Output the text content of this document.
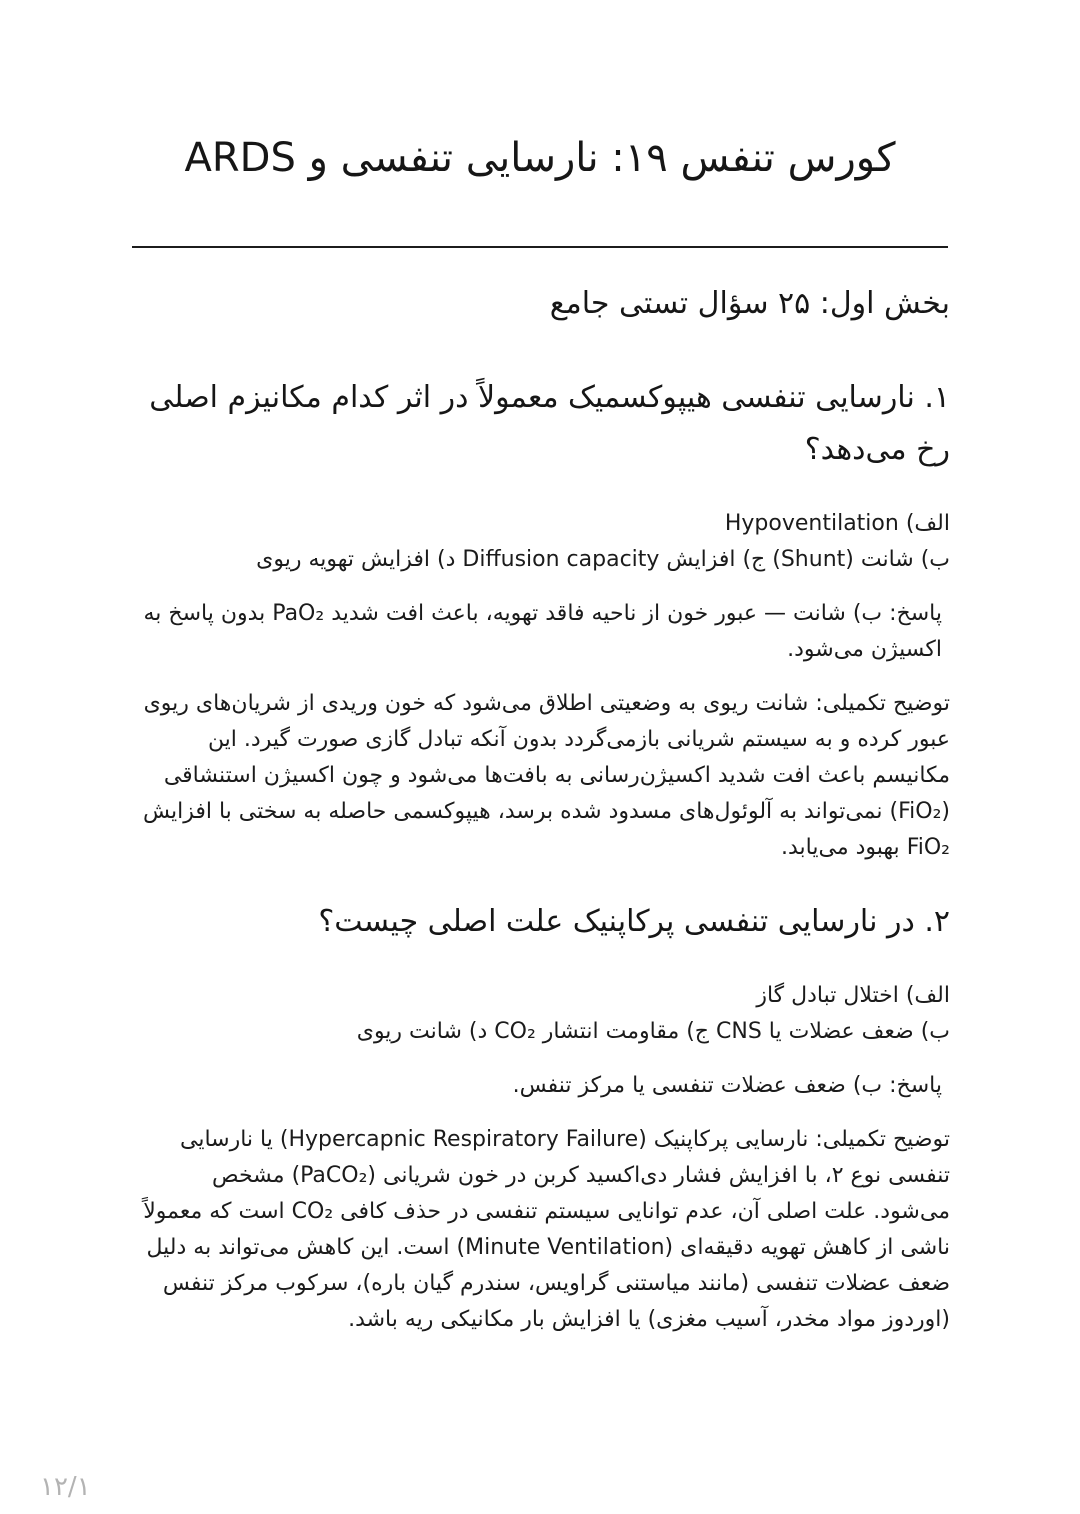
کورس تنفس ۱۹: نارسایی تنفسی و ARDS
بخش اول: ۲۵ سؤال تستی جامع
۱. نارسایی تنفسی هیپوکسمیک معمولاً در اثر کدام مکانیزم اصلی رخ می‌دهد؟

الف) Hypoventilation
ب) شانت (Shunt) ج) افزایش Diffusion capacity د) افزایش تهویه ریوی

پاسخ: ب) شانت — عبور خون از ناحیه فاقد تهویه، باعث افت شدید PaO₂ بدون پاسخ به اکسیژن می‌شود.

توضیح تکمیلی: شانت ریوی به وضعیتی اطلاق می‌شود که خون وریدی از شریان‌های ریوی عبور کرده و به سیستم شریانی بازمی‌گردد بدون آنکه تبادل گازی صورت گیرد. این مکانیسم باعث افت شدید اکسیژن‌رسانی به بافت‌ها می‌شود و چون اکسیژن استنشاقی (FiO₂) نمی‌تواند به آلوئول‌های مسدود شده برسد، هیپوکسمی حاصله به سختی با افزایش FiO₂ بهبود می‌یابد.

۲. در نارسایی تنفسی پرکاپنیک علت اصلی چیست؟

الف) اختلال تبادل گاز
ب) ضعف عضلات یا CNS ج) مقاومت انتشار CO₂ د) شانت ریوی

پاسخ: ب) ضعف عضلات تنفسی یا مرکز تنفس.

توضیح تکمیلی: نارسایی پرکاپنیک (Hypercapnic Respiratory Failure) یا نارسایی تنفسی نوع ۲، با افزایش فشار دی‌اکسید کربن در خون شریانی (PaCO₂) مشخص می‌شود. علت اصلی آن، عدم توانایی سیستم تنفسی در حذف کافی CO₂ است که معمولاً ناشی از کاهش تهویه دقیقه‌ای (Minute Ventilation) است. این کاهش می‌تواند به دلیل ضعف عضلات تنفسی (مانند میاستنی گراویس، سندرم گیان باره)، سرکوب مرکز تنفس (اوردوز مواد مخدر، آسیب مغزی) یا افزایش بار مکانیکی ریه باشد.

۱۲/۱
